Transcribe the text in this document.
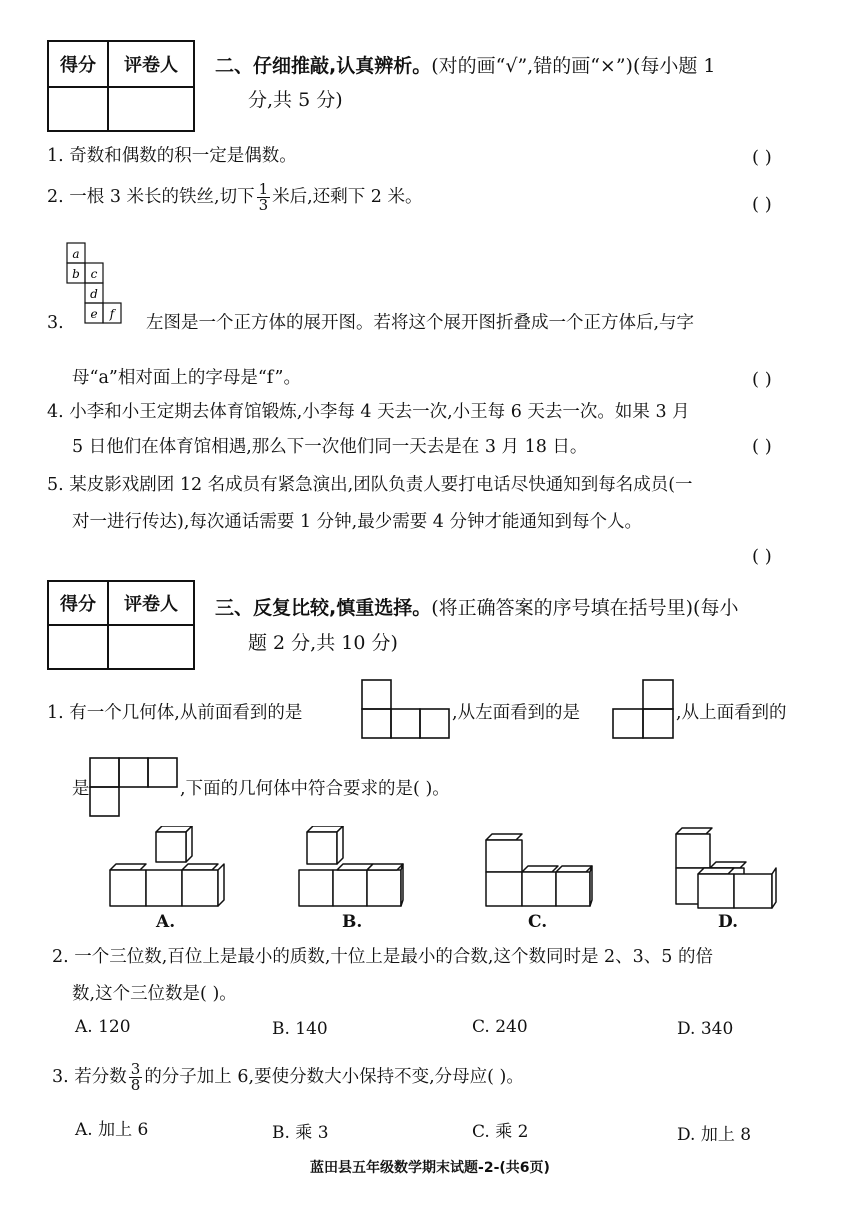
得分	评卷人
	二、仔细推敲,认真辨析。(对的画“√”,错的画“×”)(每小题 1
分,共 5 分)
1. 奇数和偶数的积一定是偶数。	( )
2. 一根 3 米长的铁丝,切下 $\frac{1}{3}$ 米后,还剩下 2 米。	( )
3.
a
b c
d
e f 左图是一个正方体的展开图。若将这个展开图折叠成一个正方体后,与字
母“a”相对面上的字母是“f”。	( )
4. 小李和小王定期去体育馆锻炼,小李每 4 天去一次,小王每 6 天去一次。如果 3 月
5 日他们在体育馆相遇,那么下一次他们同一天去是在 3 月 18 日。	( )
5. 某皮影戏剧团 12 名成员有紧急演出,团队负责人要打电话尽快通知到每名成员(一
对一进行传达),每次通话需要 1 分钟,最少需要 4 分钟才能通知到每个人。
( )
得分	评卷人
	三、反复比较,慎重选择。(将正确答案的序号填在括号里)(每小
题 2 分,共 10 分)
1. 有一个几何体,从前面看到的是	,从左面看到的是	,从上面看到的
是	,下面的几何体中符合要求的是( )。
A.	B.	C.	D.
2. 一个三位数,百位上是最小的质数,十位上是最小的合数,这个数同时是 2、3、5 的倍
数,这个三位数是( )。
A. 120	B. 140	C. 240	D. 340
3. 若分数 $\frac{3}{8}$ 的分子加上 6,要使分数大小保持不变,分母应( )。
A. 加上 6	B. 乘 3	C. 乘 2	D. 加上 8
蓝田县五年级数学期末试题-2-(共6页)
